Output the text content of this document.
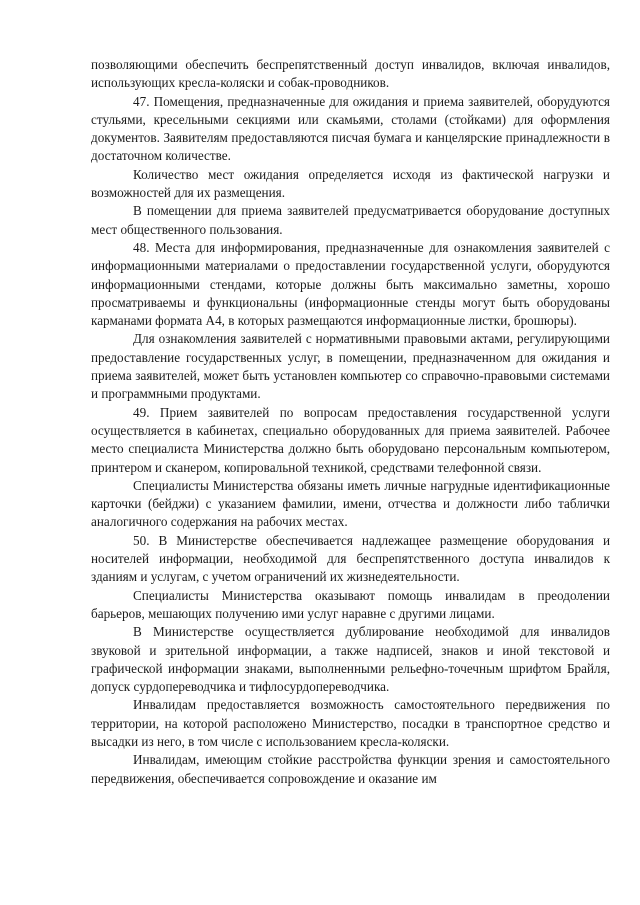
позволяющими обеспечить беспрепятственный доступ инвалидов, включая инвалидов, использующих кресла-коляски и собак-проводников.

47. Помещения, предназначенные для ожидания и приема заявителей, оборудуются стульями, кресельными секциями или скамьями, столами (стойками) для оформления документов. Заявителям предоставляются писчая бумага и канцелярские принадлежности в достаточном количестве.

Количество мест ожидания определяется исходя из фактической нагрузки и возможностей для их размещения.

В помещении для приема заявителей предусматривается оборудование доступных мест общественного пользования.

48. Места для информирования, предназначенные для ознакомления заявителей с информационными материалами о предоставлении государственной услуги, оборудуются информационными стендами, которые должны быть максимально заметны, хорошо просматриваемы и функциональны (информационные стенды могут быть оборудованы карманами формата А4, в которых размещаются информационные листки, брошюры).

Для ознакомления заявителей с нормативными правовыми актами, регулирующими предоставление государственных услуг, в помещении, предназначенном для ожидания и приема заявителей, может быть установлен компьютер со справочно-правовыми системами и программными продуктами.

49. Прием заявителей по вопросам предоставления государственной услуги осуществляется в кабинетах, специально оборудованных для приема заявителей. Рабочее место специалиста Министерства должно быть оборудовано персональным компьютером, принтером и сканером, копировальной техникой, средствами телефонной связи.

Специалисты Министерства обязаны иметь личные нагрудные идентификационные карточки (бейджи) с указанием фамилии, имени, отчества и должности либо таблички аналогичного содержания на рабочих местах.

50. В Министерстве обеспечивается надлежащее размещение оборудования и носителей информации, необходимой для беспрепятственного доступа инвалидов к зданиям и услугам, с учетом ограничений их жизнедеятельности.

Специалисты Министерства оказывают помощь инвалидам в преодолении барьеров, мешающих получению ими услуг наравне с другими лицами.

В Министерстве осуществляется дублирование необходимой для инвалидов звуковой и зрительной информации, а также надписей, знаков и иной текстовой и графической информации знаками, выполненными рельефно-точечным шрифтом Брайля, допуск сурдопереводчика и тифлосурдопереводчика.

Инвалидам предоставляется возможность самостоятельного передвижения по территории, на которой расположено Министерство, посадки в транспортное средство и высадки из него, в том числе с использованием кресла-коляски.

Инвалидам, имеющим стойкие расстройства функции зрения и самостоятельного передвижения, обеспечивается сопровождение и оказание им
